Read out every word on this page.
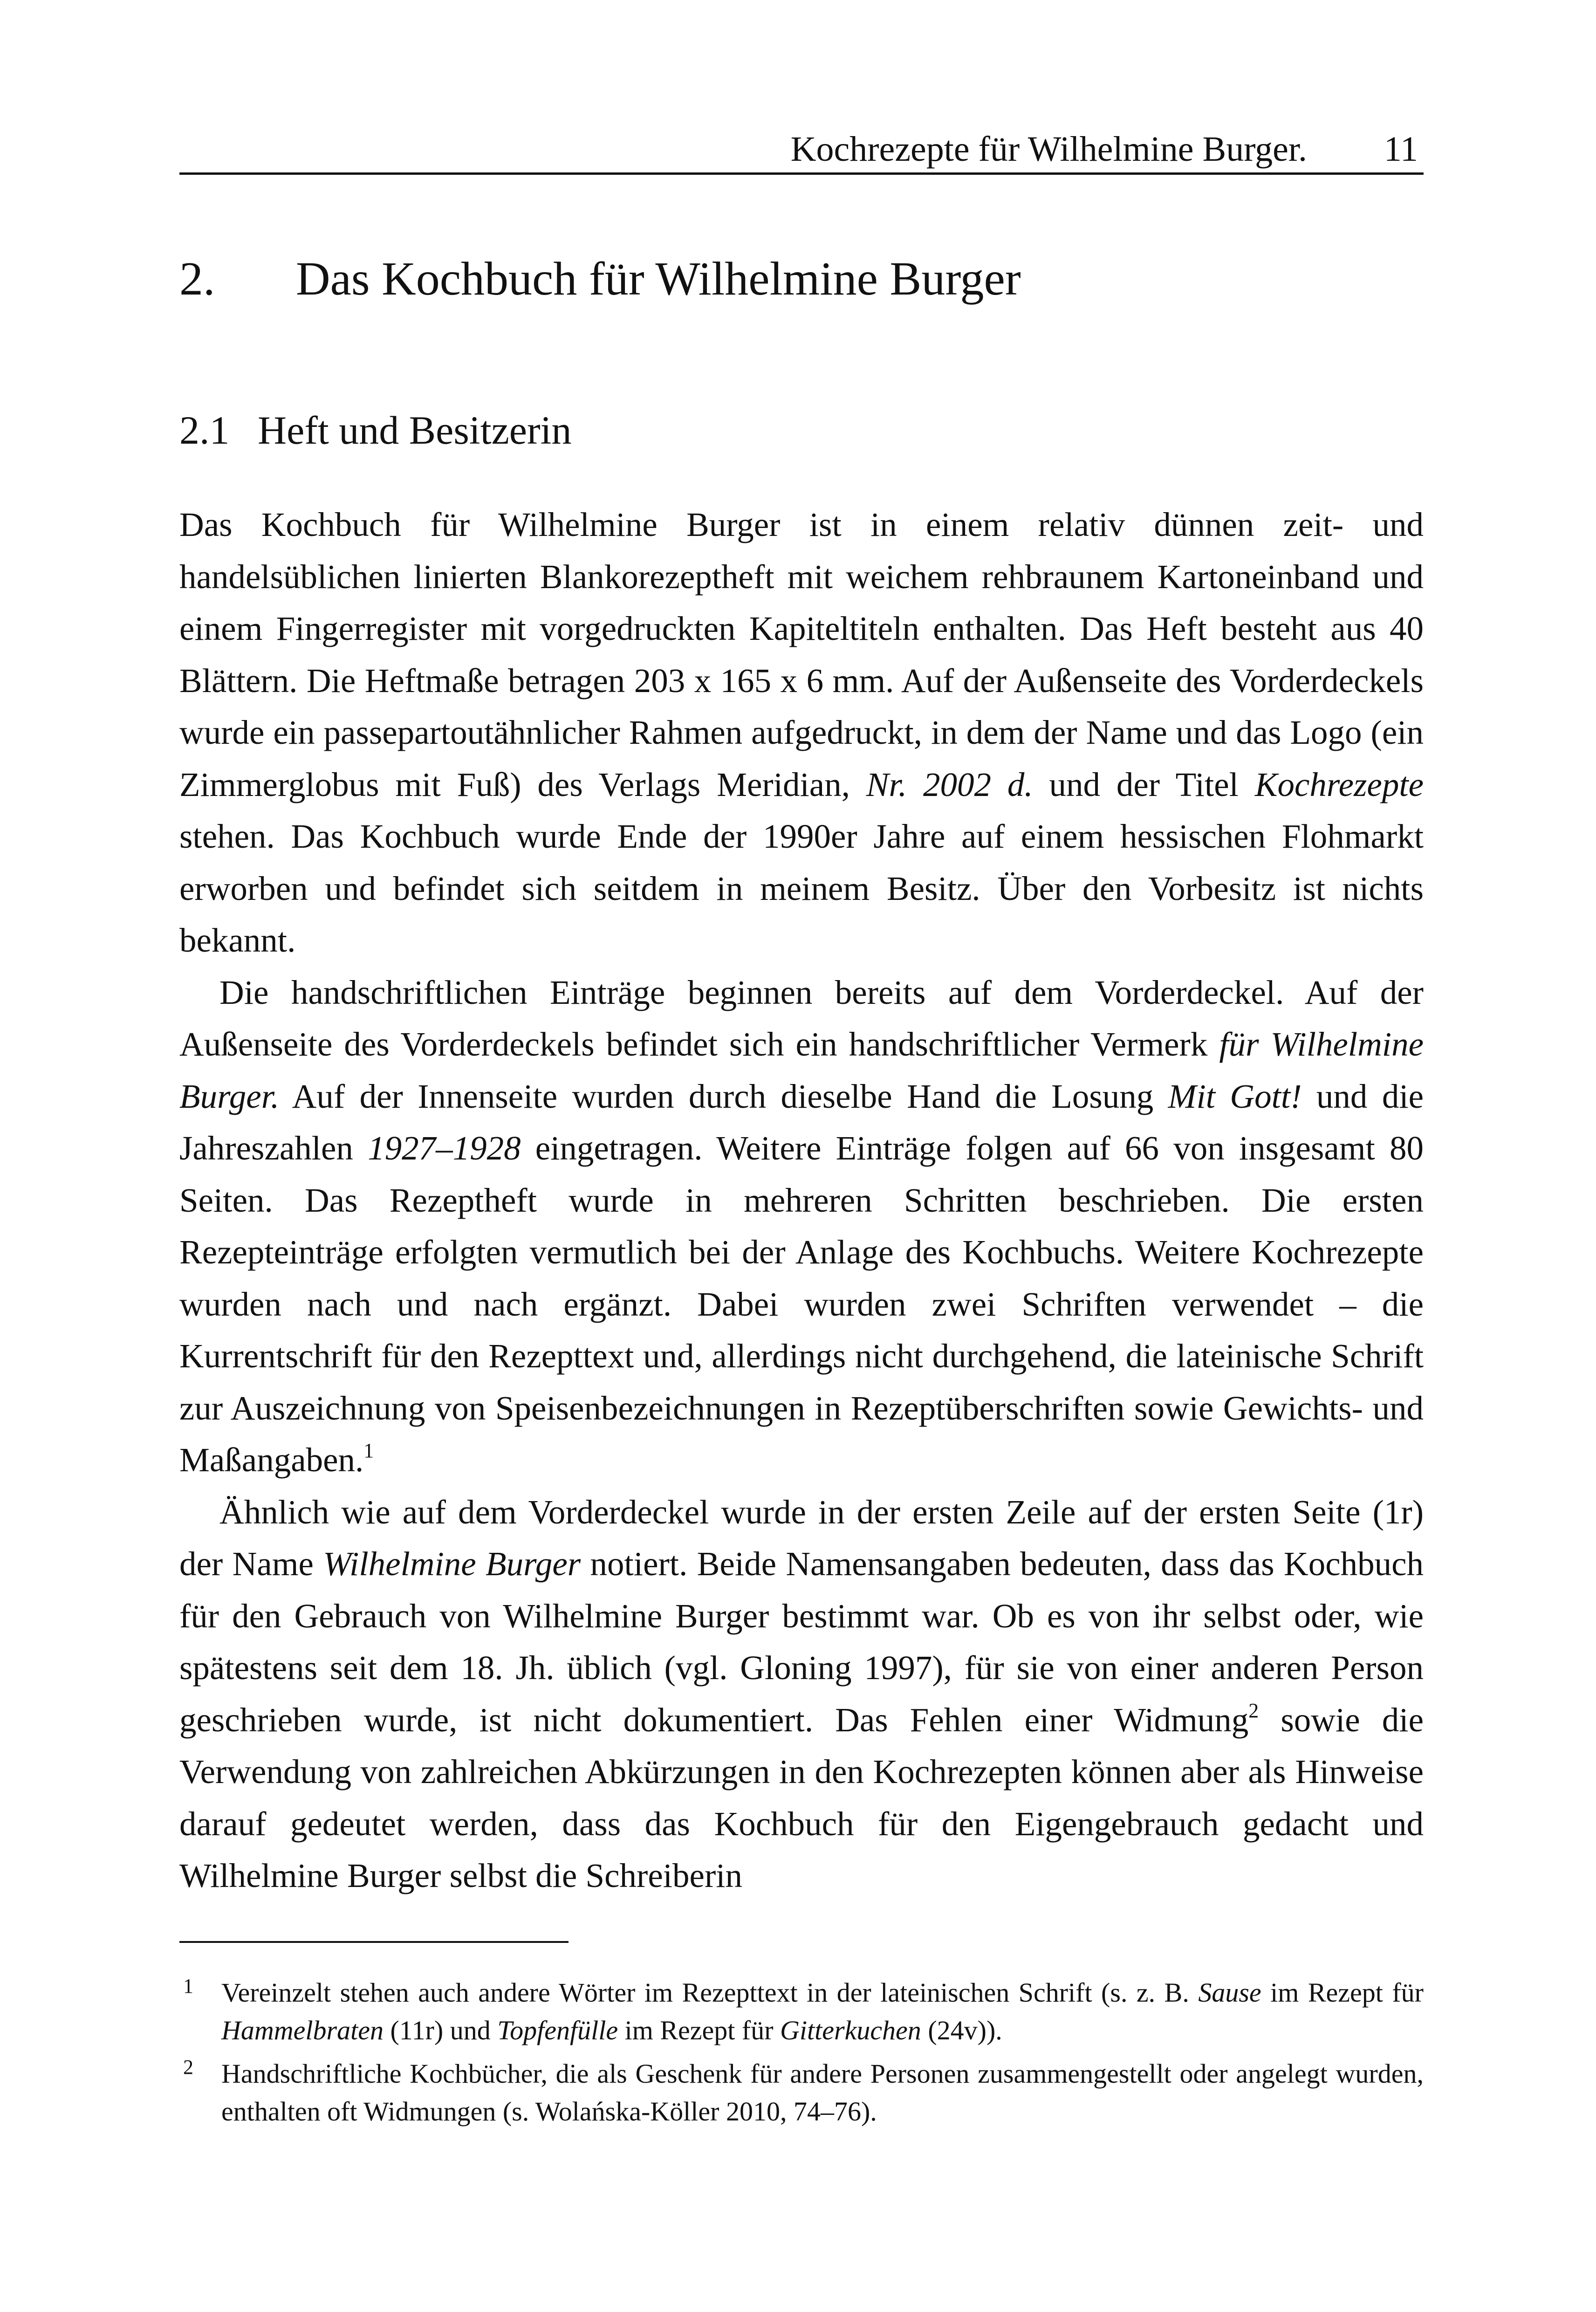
Kochrezepte für Wilhelmine Burger. 11
2. Das Kochbuch für Wilhelmine Burger
2.1 Heft und Besitzerin

Das Kochbuch für Wilhelmine Burger ist in einem relativ dünnen zeit- und handelsüblichen linierten Blankorezeptheft mit weichem rehbraunem Kartoneinband und einem Fingerregister mit vorgedruckten Kapiteltiteln enthalten. Das Heft besteht aus 40 Blättern. Die Heftmaße betragen 203 x 165 x 6 mm. Auf der Außenseite des Vorderdeckels wurde ein passepartoutähnlicher Rahmen aufgedruckt, in dem der Name und das Logo (ein Zimmerglobus mit Fuß) des Verlags Meridian, Nr. 2002 d. und der Titel Kochrezepte stehen. Das Kochbuch wurde Ende der 1990er Jahre auf einem hessischen Flohmarkt erworben und befindet sich seitdem in meinem Besitz. Über den Vorbesitz ist nichts bekannt.

Die handschriftlichen Einträge beginnen bereits auf dem Vorderdeckel. Auf der Außenseite des Vorderdeckels befindet sich ein handschriftlicher Vermerk für Wilhelmine Burger. Auf der Innenseite wurden durch dieselbe Hand die Losung Mit Gott! und die Jahreszahlen 1927–1928 eingetragen. Weitere Einträge folgen auf 66 von insgesamt 80 Seiten. Das Rezeptheft wurde in mehreren Schritten beschrieben. Die ersten Rezepteinträge erfolgten vermutlich bei der Anlage des Kochbuchs. Weitere Kochrezepte wurden nach und nach ergänzt. Dabei wurden zwei Schriften verwendet – die Kurrentschrift für den Rezepttext und, allerdings nicht durchgehend, die lateinische Schrift zur Auszeichnung von Speisenbezeichnungen in Rezeptüberschriften sowie Gewichts- und Maßangaben.$^1$

Ähnlich wie auf dem Vorderdeckel wurde in der ersten Zeile auf der ersten Seite (1r) der Name Wilhelmine Burger notiert. Beide Namensangaben bedeuten, dass das Kochbuch für den Gebrauch von Wilhelmine Burger bestimmt war. Ob es von ihr selbst oder, wie spätestens seit dem 18. Jh. üblich (vgl. Gloning 1997), für sie von einer anderen Person geschrieben wurde, ist nicht dokumentiert. Das Fehlen einer Widmung$^2$ sowie die Verwendung von zahlreichen Abkürzungen in den Kochrezepten können aber als Hinweise darauf gedeutet werden, dass das Kochbuch für den Eigengebrauch gedacht und Wilhelmine Burger selbst die Schreiberin

1 Vereinzelt stehen auch andere Wörter im Rezepttext in der lateinischen Schrift (s. z. B. Sause im Rezept für Hammelbraten (11r) und Topfenfülle im Rezept für Gitterkuchen (24v)).
2 Handschriftliche Kochbücher, die als Geschenk für andere Personen zusammengestellt oder angelegt wurden, enthalten oft Widmungen (s. Wolańska-Köller 2010, 74–76).
